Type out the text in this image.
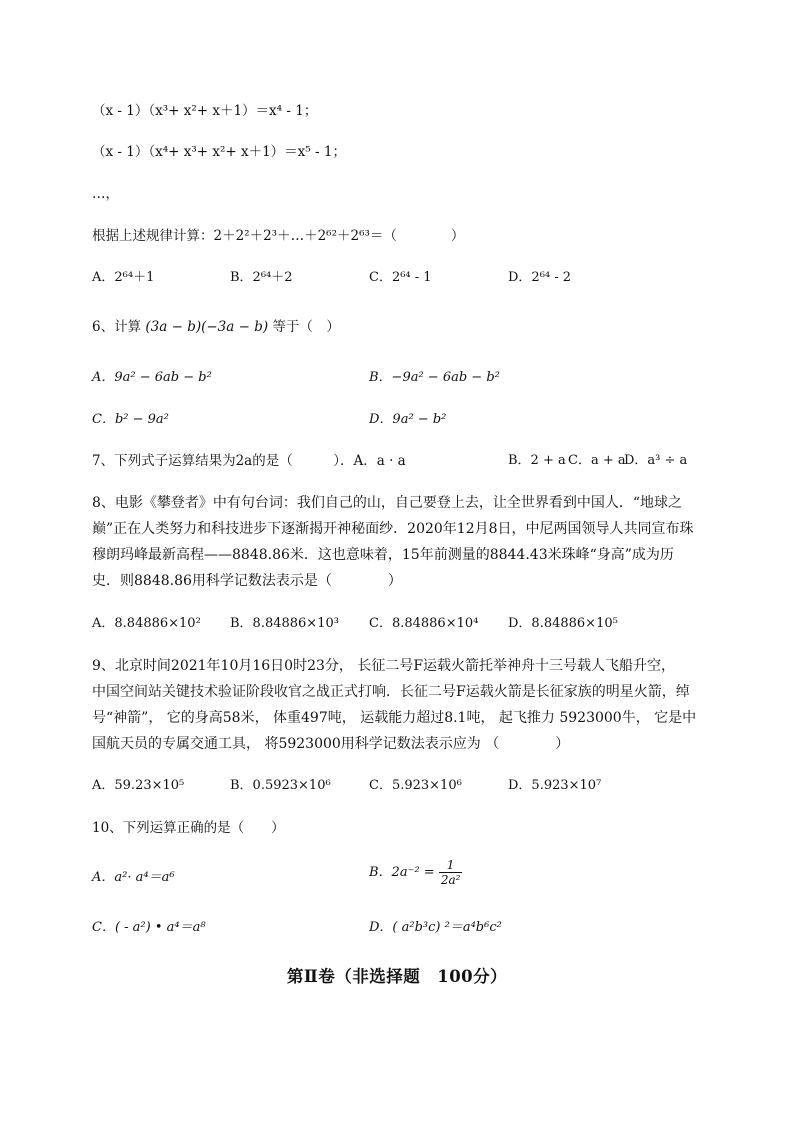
（x - 1）（x³+ x²+ x＋1）＝x⁴ - 1；
（x - 1）（x⁴+ x³+ x²+ x＋1）＝x⁵ - 1；
…，
根据上述规律计算：2＋2²＋2³＋…＋2⁶²＋2⁶³＝（　　　　）
A．2⁶⁴＋1	B．2⁶⁴＋2	C．2⁶⁴ - 1	D．2⁶⁴ - 2
6、计算 (3a − b)(−3a − b) 等于（　）
A．9a² − 6ab − b²	B．−9a² − 6ab − b²
C．b² − 9a²	D．9a² − b²
7、下列式子运算结果为2a的是（　　　）．A．a · a	B．2 + a C．a + a
D．a³ ÷ a
8、电影《攀登者》中有句台词：我们自己的山，自己要登上去，让全世界看到中国人．“地球之
巅”正在人类努力和科技进步下逐渐揭开神秘面纱．2020年12月8日，中尼两国领导人共同宣布珠
穆朗玛峰最新高程——8848.86米．这也意味着，15年前测量的8844.43米珠峰“身高”成为历
史．则8848.86用科学记数法表示是（　　　　）
A．8.84886×10² B．8.84886×10³ C．8.84886×10⁴ D．8.84886×10⁵
9、北京时间2021年10月16日0时23分， 长征二号F运载火箭托举神舟十三号载人飞船升空，
中国空间站关键技术验证阶段收官之战正式打响．长征二号F运载火箭是长征家族的明星火箭，绰
号“神箭”， 它的身高58米， 体重497吨， 运载能力超过8.1吨， 起飞推力 5923000牛， 它是中
国航天员的专属交通工具， 将5923000用科学记数法表示应为 （　　　　）
A．59.23×10⁵	B．0.5923×10⁶	C．5.923×10⁶	D．5.923×10⁷
10、下列运算正确的是（　　）
A．a²· a⁴＝a⁶	B．$2a^{-2} = \frac{1}{\text{2a²}}$
C．( - a²) • a⁴＝a⁸	D．( a²b³c) ²＝a⁴b⁶c²
第Ⅱ卷（非选择题　100分）
